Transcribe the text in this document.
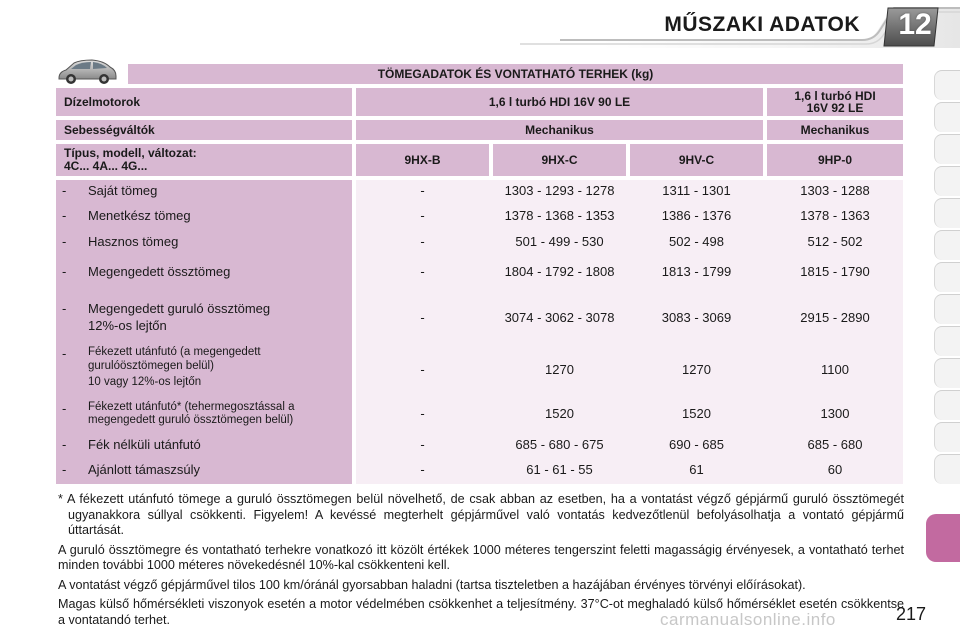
MŰSZAKI ADATOK 12
TÖMEGADATOK ÉS VONTATHATÓ TERHEK (kg)
Dízelmotorok	1,6 l turbó HDI 16V 90 LE	1,6 l turbó HDI
16V 92 LE
Sebességváltók	Mechanikus	Mechanikus
Típus, modell, változat:
4C... 4A... 4G...	9HX-B	9HX-C	9HV-C	9HP-0
- Saját tömeg	-	1303 - 1293 - 1278	1311 - 1301	1303 - 1288
- Menetkész tömeg	-	1378 - 1368 - 1353	1386 - 1376	1378 - 1363
- Hasznos tömeg	-	501 - 499 - 530	502 - 498	512 - 502
- Megengedett össztömeg	-	1804 - 1792 - 1808	1813 - 1799	1815 - 1790
- Megengedett guruló össztömeg
12%-os lejtőn
-	3074 - 3062 - 3078	3083 - 3069	2915 - 2890
- Fékezett utánfutó (a megengedett
gurulóösztömegen belül)
10 vagy 12%-os lejtőn
-	1270	1270	1100
- Fékezett utánfutó* (tehermegosztással a
megengedett guruló össztömegen belül)	-	1520	1520	1300
- Fék nélküli utánfutó	-	685 - 680 - 675	690 - 685	685 - 680
- Ajánlott támaszsúly	-	61 - 61 - 55	61	60

* A fékezett utánfutó tömege a guruló össztömegen belül növelhető, de csak abban az esetben, ha a vontatást végző gépjármű guruló össztömegét ugyanakkora súllyal csökkenti. Figyelem! A kevéssé megterhelt gépjárművel való vontatás kedvezőtlenül befolyásolhatja a vontató gépjármű úttartását.

A guruló össztömegre és vontatható terhekre vonatkozó itt közölt értékek 1000 méteres tengerszint feletti magasságig érvényesek, a vontatható terhet minden további 1000 méteres növekedésnél 10%-kal csökkenteni kell.

A vontatást végző gépjárművel tilos 100 km/óránál gyorsabban haladni (tartsa tiszteletben a hazájában érvényes törvényi előírásokat).

Magas külső hőmérsékleti viszonyok esetén a motor védelmében csökkenhet a teljesítmény. 37°C-ot meghaladó külső hőmérséklet esetén csökkentse a vontatandó terhet.	carmanualsonline.info	217
